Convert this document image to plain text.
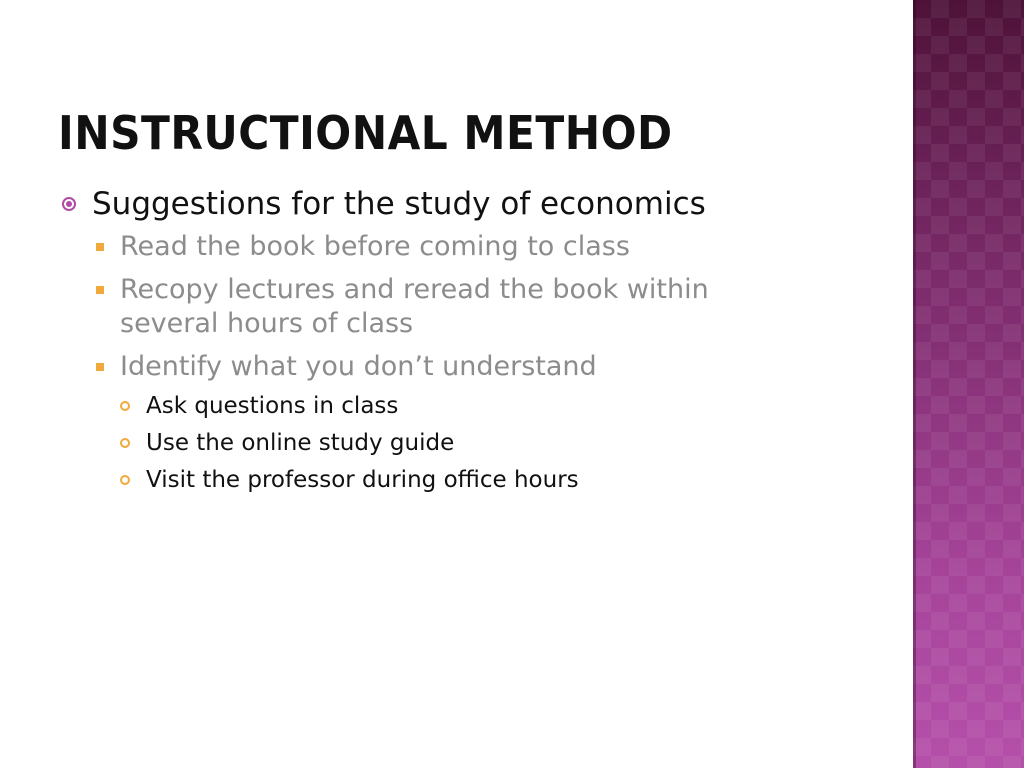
INSTRUCTIONAL METHOD
Suggestions for the study of economics
Read the book before coming to class
Recopy lectures and reread the book within several hours of class
Identify what you don’t understand
Ask questions in class
Use the online study guide
Visit the professor during office hours
